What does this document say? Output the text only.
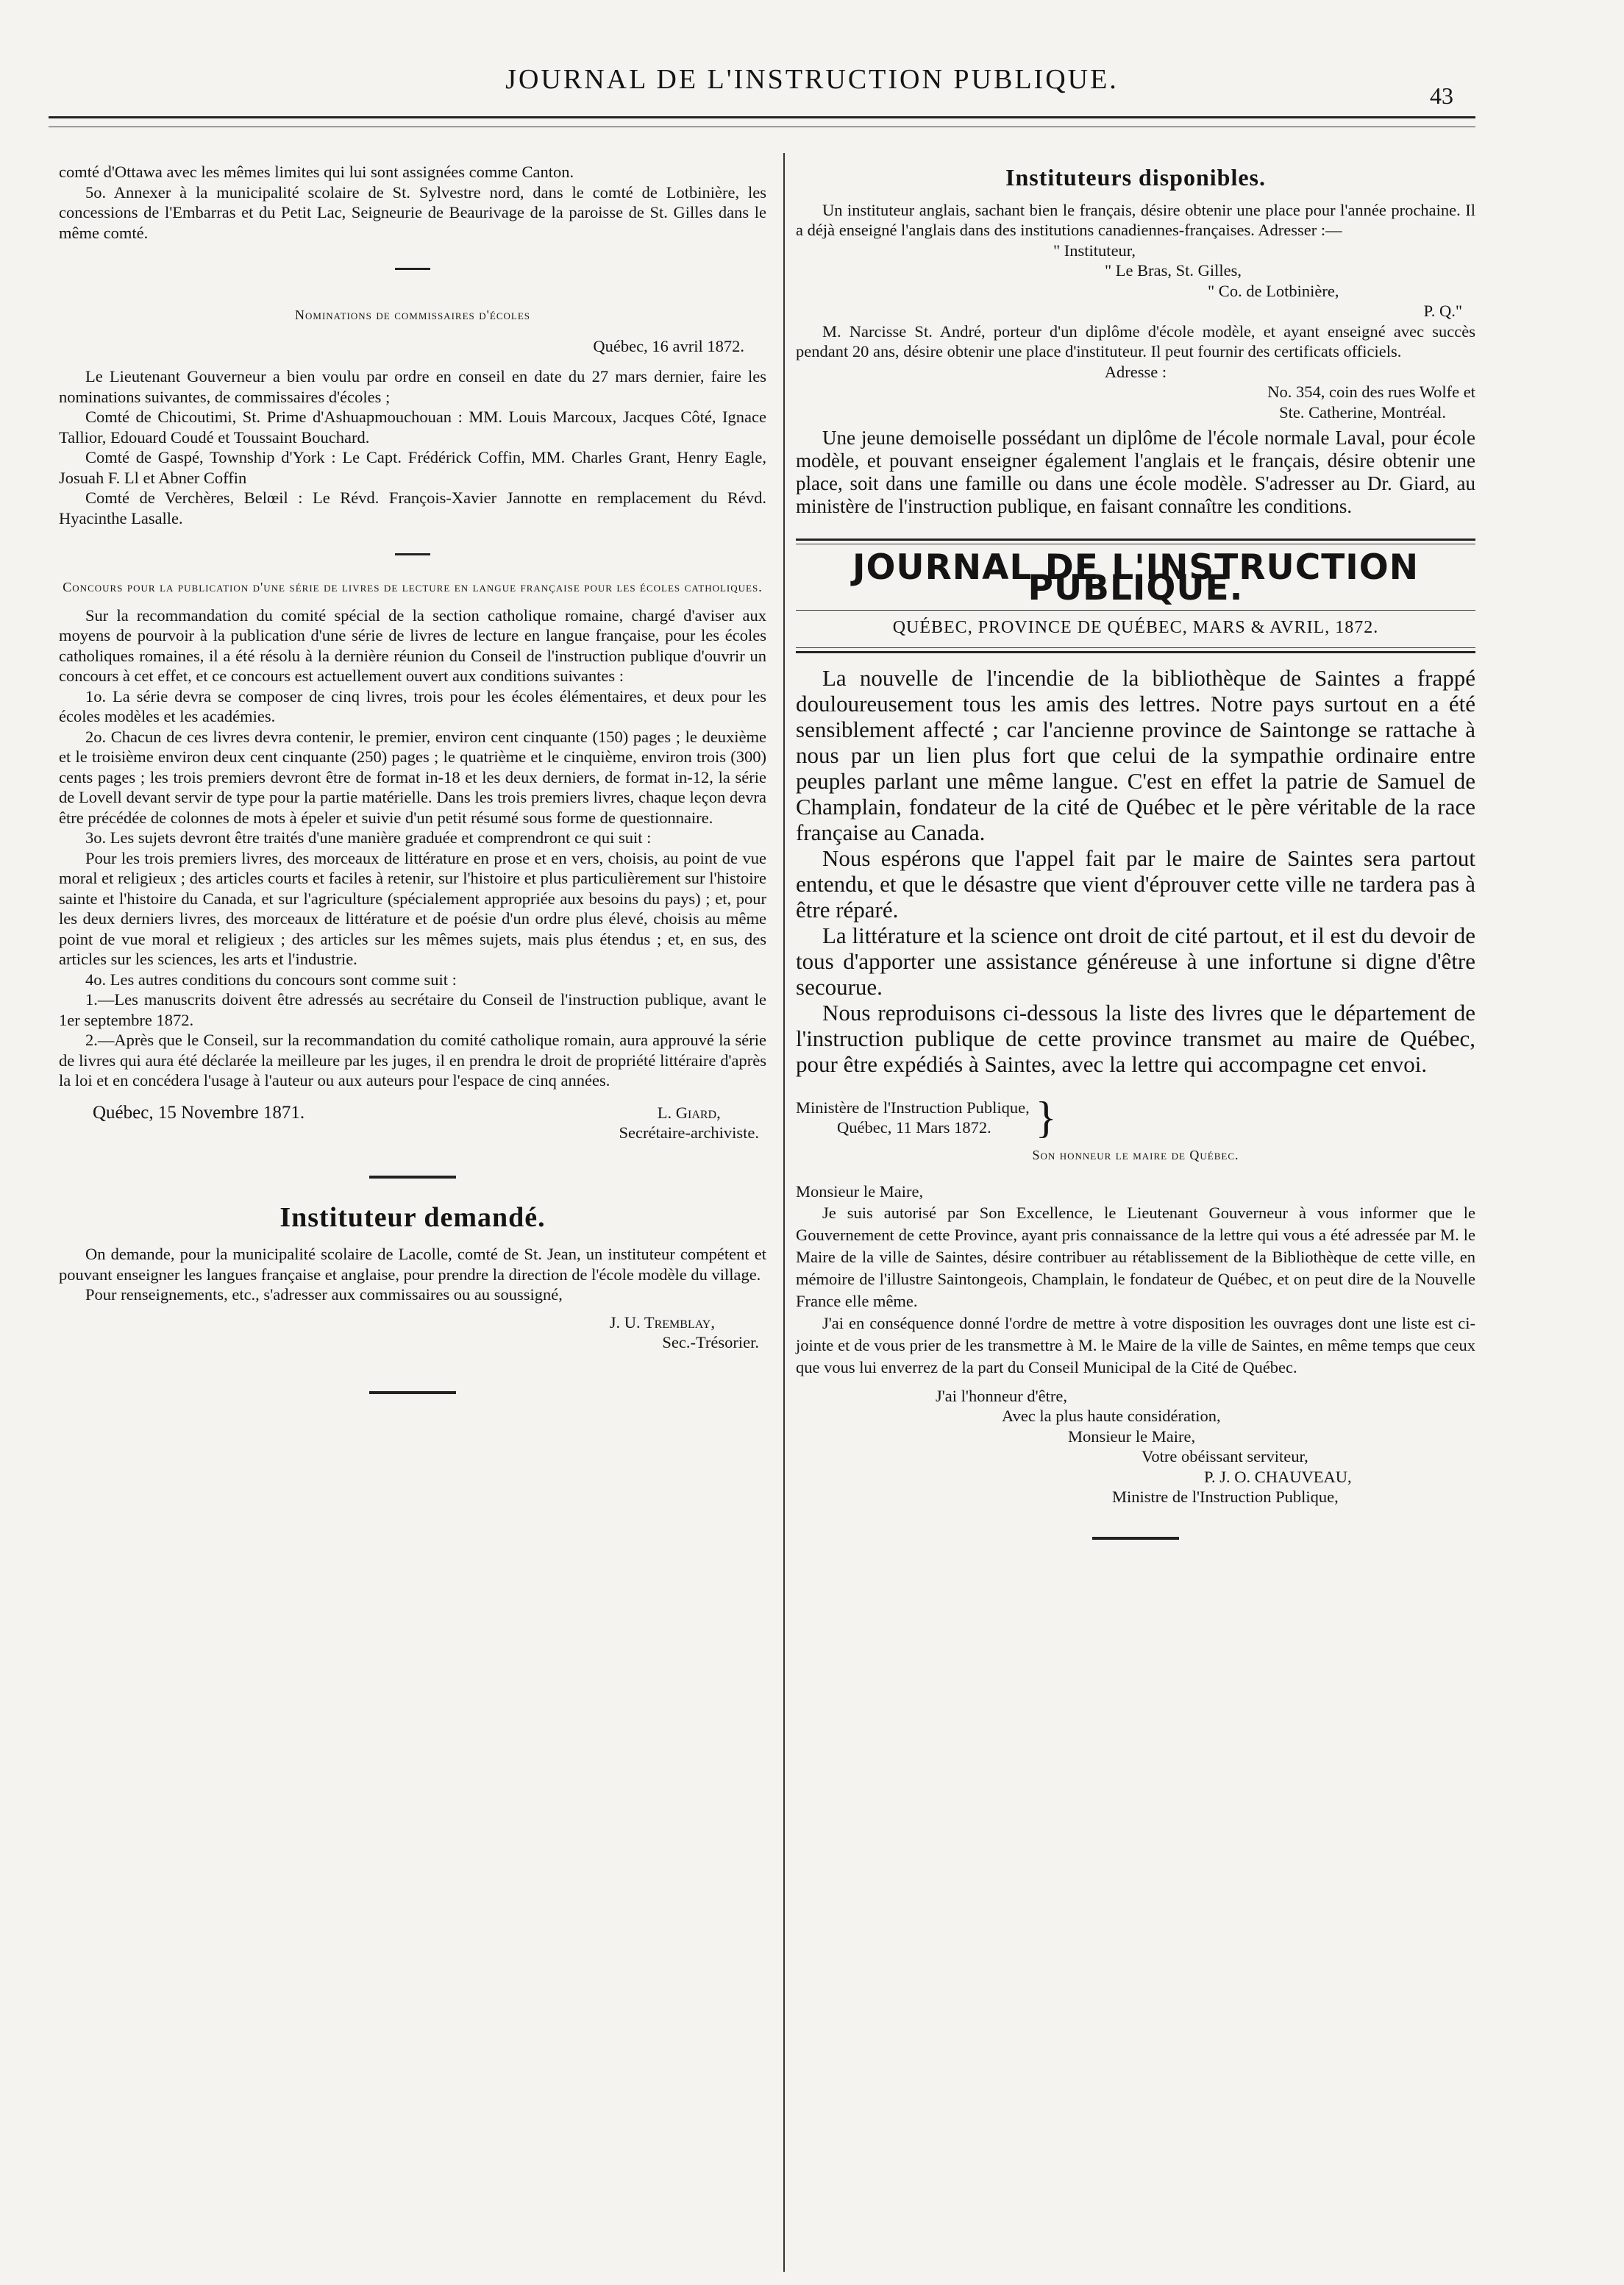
JOURNAL DE L'INSTRUCTION PUBLIQUE.
43

comté d'Ottawa avec les mêmes limites qui lui sont assignées comme Canton.

5o. Annexer à la municipalité scolaire de St. Sylvestre nord, dans le comté de Lotbinière, les concessions de l'Embarras et du Petit Lac, Seigneurie de Beaurivage de la paroisse de St. Gilles dans le même comté.

Nominations de commissaires d'écoles

Québec, 16 avril 1872.

Le Lieutenant Gouverneur a bien voulu par ordre en conseil en date du 27 mars dernier, faire les nominations suivantes, de commissaires d'écoles ;

Comté de Chicoutimi, St. Prime d'Ashuapmouchouan : MM. Louis Marcoux, Jacques Côté, Ignace Tallior, Edouard Coudé et Toussaint Bouchard.

Comté de Gaspé, Township d'York : Le Capt. Frédérick Coffin, MM. Charles Grant, Henry Eagle, Josuah F. Ll et Abner Coffin

Comté de Verchères, Belœil : Le Révd. François-Xavier Jannotte en remplacement du Révd. Hyacinthe Lasalle.

Concours pour la publication d'une série de livres de lecture en langue française pour les écoles catholiques.

Sur la recommandation du comité spécial de la section catholique romaine, chargé d'aviser aux moyens de pourvoir à la publication d'une série de livres de lecture en langue française, pour les écoles catholiques romaines, il a été résolu à la dernière réunion du Conseil de l'instruction publique d'ouvrir un concours à cet effet, et ce concours est actuellement ouvert aux conditions suivantes :

1o. La série devra se composer de cinq livres, trois pour les écoles élémentaires, et deux pour les écoles modèles et les académies.

2o. Chacun de ces livres devra contenir, le premier, environ cent cinquante (150) pages ; le deuxième et le troisième environ deux cent cinquante (250) pages ; le quatrième et le cinquième, environ trois (300) cents pages ; les trois premiers devront être de format in-18 et les deux derniers, de format in-12, la série de Lovell devant servir de type pour la partie matérielle. Dans les trois premiers livres, chaque leçon devra être précédée de colonnes de mots à épeler et suivie d'un petit résumé sous forme de questionnaire.

3o. Les sujets devront être traités d'une manière graduée et comprendront ce qui suit :

Pour les trois premiers livres, des morceaux de littérature en prose et en vers, choisis, au point de vue moral et religieux ; des articles courts et faciles à retenir, sur l'histoire et plus particulièrement sur l'histoire sainte et l'histoire du Canada, et sur l'agriculture (spécialement appropriée aux besoins du pays) ; et, pour les deux derniers livres, des morceaux de littérature et de poésie d'un ordre plus élevé, choisis au même point de vue moral et religieux ; des articles sur les mêmes sujets, mais plus étendus ; et, en sus, des articles sur les sciences, les arts et l'industrie.

4o. Les autres conditions du concours sont comme suit :

1.—Les manuscrits doivent être adressés au secrétaire du Conseil de l'instruction publique, avant le 1er septembre 1872.

2.—Après que le Conseil, sur la recommandation du comité catholique romain, aura approuvé la série de livres qui aura été déclarée la meilleure par les juges, il en prendra le droit de propriété littéraire d'après la loi et en concédera l'usage à l'auteur ou aux auteurs pour l'espace de cinq années.

Québec, 15 Novembre 1871.	L. Giard,
Secrétaire-archiviste.

Instituteur demandé.

On demande, pour la municipalité scolaire de Lacolle, comté de St. Jean, un instituteur compétent et pouvant enseigner les langues française et anglaise, pour prendre la direction de l'école modèle du village.

Pour renseignements, etc., s'adresser aux commissaires ou au soussigné,

J. U. Tremblay,

Sec.-Trésorier.

Instituteurs disponibles.

Un instituteur anglais, sachant bien le français, désire obtenir une place pour l'année prochaine. Il a déjà enseigné l'anglais dans des institutions canadiennes-françaises. Adresser :—

" Instituteur,

" Le Bras, St. Gilles,

" Co. de Lotbinière,

P. Q."

M. Narcisse St. André, porteur d'un diplôme d'école modèle, et ayant enseigné avec succès pendant 20 ans, désire obtenir une place d'instituteur. Il peut fournir des certificats officiels.

Adresse :

No. 354, coin des rues Wolfe et

Ste. Catherine, Montréal.

Une jeune demoiselle possédant un diplôme de l'école normale Laval, pour école modèle, et pouvant enseigner également l'anglais et le français, désire obtenir une place, soit dans une famille ou dans une école modèle. S'adresser au Dr. Giard, au ministère de l'instruction publique, en faisant connaître les conditions.

JOURNAL DE L'INSTRUCTION PUBLIQUE.

QUÉBEC, PROVINCE DE QUÉBEC, MARS & AVRIL, 1872.

La nouvelle de l'incendie de la bibliothèque de Saintes a frappé douloureusement tous les amis des lettres. Notre pays surtout en a été sensiblement affecté ; car l'ancienne province de Saintonge se rattache à nous par un lien plus fort que celui de la sympathie ordinaire entre peuples parlant une même langue. C'est en effet la patrie de Samuel de Champlain, fondateur de la cité de Québec et le père véritable de la race française au Canada.

Nous espérons que l'appel fait par le maire de Saintes sera partout entendu, et que le désastre que vient d'éprouver cette ville ne tardera pas à être réparé.

La littérature et la science ont droit de cité partout, et il est du devoir de tous d'apporter une assistance généreuse à une infortune si digne d'être secourue.

Nous reproduisons ci-dessous la liste des livres que le département de l'instruction publique de cette province transmet au maire de Québec, pour être expédiés à Saintes, avec la lettre qui accompagne cet envoi.

Ministère de l'Instruction Publique,

Québec, 11 Mars 1872.	}

Son honneur le maire de Québec.

Monsieur le Maire,

Je suis autorisé par Son Excellence, le Lieutenant Gouverneur à vous informer que le Gouvernement de cette Province, ayant pris connaissance de la lettre qui vous a été adressée par M. le Maire de la ville de Saintes, désire contribuer au rétablissement de la Bibliothèque de cette ville, en mémoire de l'illustre Saintongeois, Champlain, le fondateur de Québec, et on peut dire de la Nouvelle France elle même.

J'ai en conséquence donné l'ordre de mettre à votre disposition les ouvrages dont une liste est ci-jointe et de vous prier de les transmettre à M. le Maire de la ville de Saintes, en même temps que ceux que vous lui enverrez de la part du Conseil Municipal de la Cité de Québec.

J'ai l'honneur d'être,

Avec la plus haute considération,

Monsieur le Maire,

Votre obéissant serviteur,

P. J. O. CHAUVEAU,

Ministre de l'Instruction Publique,
